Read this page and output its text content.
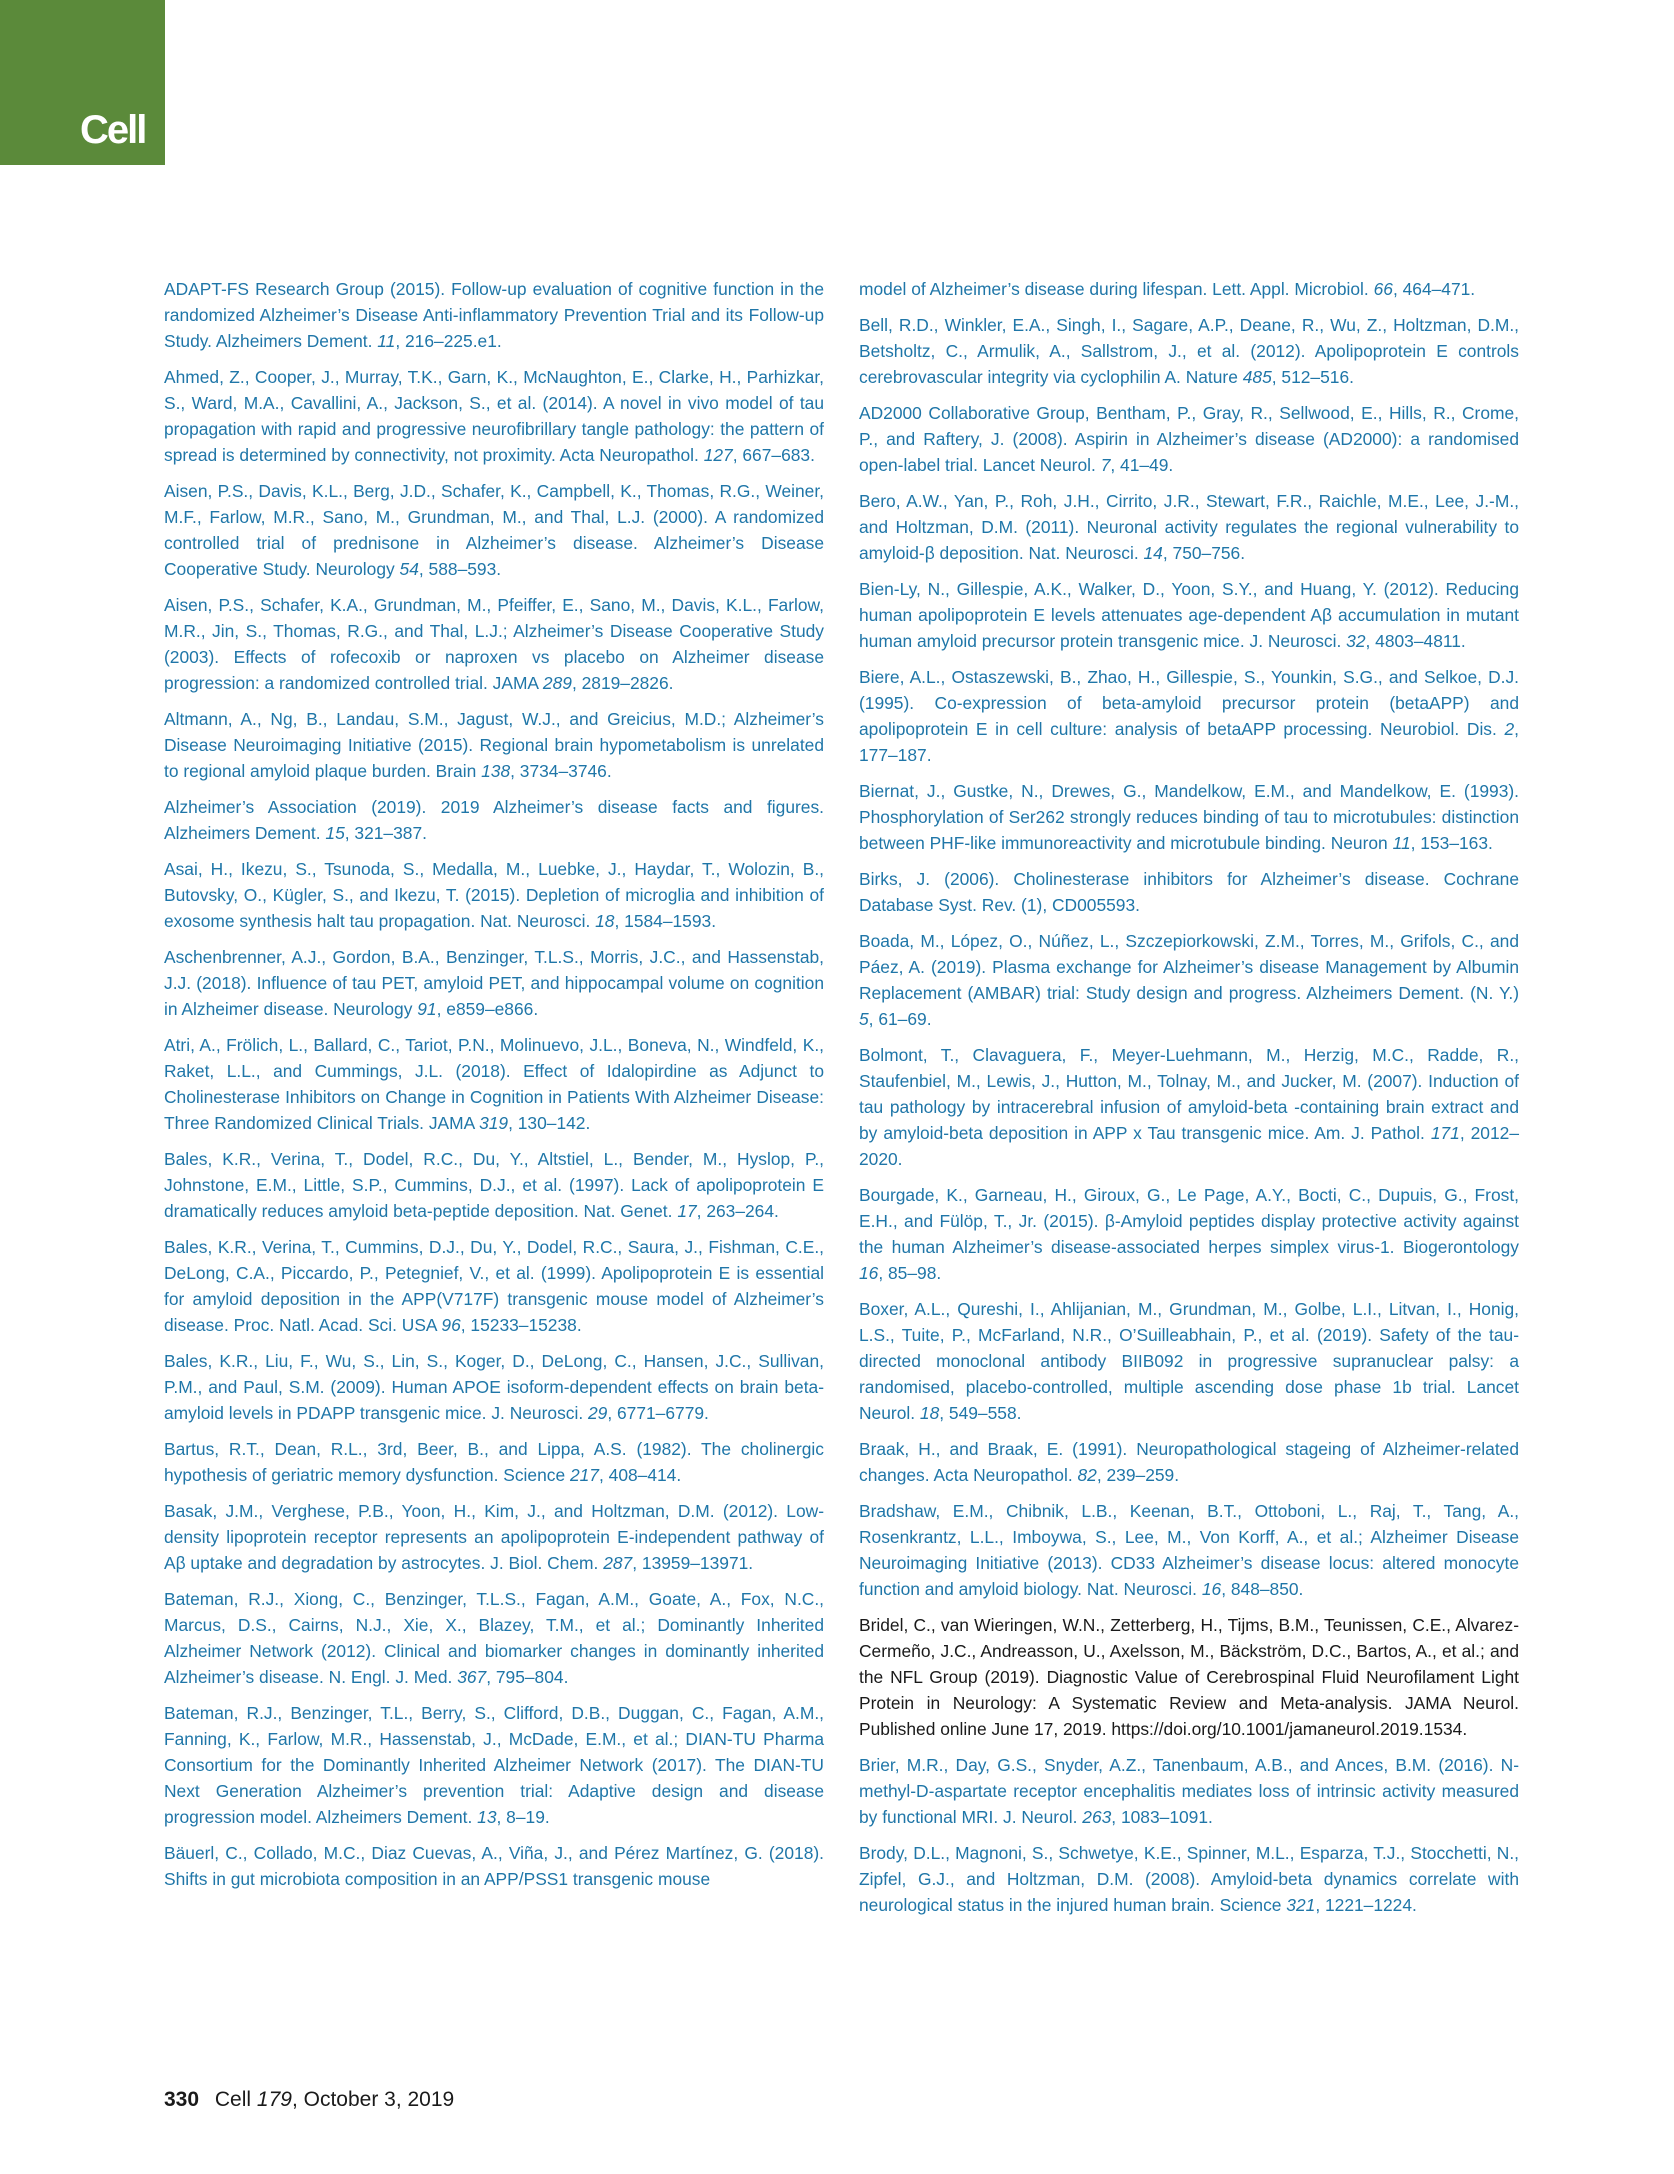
Cell

ADAPT-FS Research Group (2015). Follow-up evaluation of cognitive function in the randomized Alzheimer’s Disease Anti-inflammatory Prevention Trial and its Follow-up Study. Alzheimers Dement. 11, 216–225.e1.

Ahmed, Z., Cooper, J., Murray, T.K., Garn, K., McNaughton, E., Clarke, H., Parhizkar, S., Ward, M.A., Cavallini, A., Jackson, S., et al. (2014). A novel in vivo model of tau propagation with rapid and progressive neurofibrillary tangle pathology: the pattern of spread is determined by connectivity, not proximity. Acta Neuropathol. 127, 667–683.

Aisen, P.S., Davis, K.L., Berg, J.D., Schafer, K., Campbell, K., Thomas, R.G., Weiner, M.F., Farlow, M.R., Sano, M., Grundman, M., and Thal, L.J. (2000). A randomized controlled trial of prednisone in Alzheimer’s disease. Alzheimer’s Disease Cooperative Study. Neurology 54, 588–593.

Aisen, P.S., Schafer, K.A., Grundman, M., Pfeiffer, E., Sano, M., Davis, K.L., Farlow, M.R., Jin, S., Thomas, R.G., and Thal, L.J.; Alzheimer’s Disease Cooperative Study (2003). Effects of rofecoxib or naproxen vs placebo on Alzheimer disease progression: a randomized controlled trial. JAMA 289, 2819–2826.

Altmann, A., Ng, B., Landau, S.M., Jagust, W.J., and Greicius, M.D.; Alzheimer’s Disease Neuroimaging Initiative (2015). Regional brain hypometabolism is unrelated to regional amyloid plaque burden. Brain 138, 3734–3746.

Alzheimer’s Association (2019). 2019 Alzheimer’s disease facts and figures. Alzheimers Dement. 15, 321–387.

Asai, H., Ikezu, S., Tsunoda, S., Medalla, M., Luebke, J., Haydar, T., Wolozin, B., Butovsky, O., Kügler, S., and Ikezu, T. (2015). Depletion of microglia and inhibition of exosome synthesis halt tau propagation. Nat. Neurosci. 18, 1584–1593.

Aschenbrenner, A.J., Gordon, B.A., Benzinger, T.L.S., Morris, J.C., and Hassenstab, J.J. (2018). Influence of tau PET, amyloid PET, and hippocampal volume on cognition in Alzheimer disease. Neurology 91, e859–e866.

Atri, A., Frölich, L., Ballard, C., Tariot, P.N., Molinuevo, J.L., Boneva, N., Windfeld, K., Raket, L.L., and Cummings, J.L. (2018). Effect of Idalopirdine as Adjunct to Cholinesterase Inhibitors on Change in Cognition in Patients With Alzheimer Disease: Three Randomized Clinical Trials. JAMA 319, 130–142.

Bales, K.R., Verina, T., Dodel, R.C., Du, Y., Altstiel, L., Bender, M., Hyslop, P., Johnstone, E.M., Little, S.P., Cummins, D.J., et al. (1997). Lack of apolipoprotein E dramatically reduces amyloid beta-peptide deposition. Nat. Genet. 17, 263–264.

Bales, K.R., Verina, T., Cummins, D.J., Du, Y., Dodel, R.C., Saura, J., Fishman, C.E., DeLong, C.A., Piccardo, P., Petegnief, V., et al. (1999). Apolipoprotein E is essential for amyloid deposition in the APP(V717F) transgenic mouse model of Alzheimer’s disease. Proc. Natl. Acad. Sci. USA 96, 15233–15238.

Bales, K.R., Liu, F., Wu, S., Lin, S., Koger, D., DeLong, C., Hansen, J.C., Sullivan, P.M., and Paul, S.M. (2009). Human APOE isoform-dependent effects on brain beta-amyloid levels in PDAPP transgenic mice. J. Neurosci. 29, 6771–6779.

Bartus, R.T., Dean, R.L., 3rd, Beer, B., and Lippa, A.S. (1982). The cholinergic hypothesis of geriatric memory dysfunction. Science 217, 408–414.

Basak, J.M., Verghese, P.B., Yoon, H., Kim, J., and Holtzman, D.M. (2012). Low-density lipoprotein receptor represents an apolipoprotein E-independent pathway of Aβ uptake and degradation by astrocytes. J. Biol. Chem. 287, 13959–13971.

Bateman, R.J., Xiong, C., Benzinger, T.L.S., Fagan, A.M., Goate, A., Fox, N.C., Marcus, D.S., Cairns, N.J., Xie, X., Blazey, T.M., et al.; Dominantly Inherited Alzheimer Network (2012). Clinical and biomarker changes in dominantly inherited Alzheimer’s disease. N. Engl. J. Med. 367, 795–804.

Bateman, R.J., Benzinger, T.L., Berry, S., Clifford, D.B., Duggan, C., Fagan, A.M., Fanning, K., Farlow, M.R., Hassenstab, J., McDade, E.M., et al.; DIAN-TU Pharma Consortium for the Dominantly Inherited Alzheimer Network (2017). The DIAN-TU Next Generation Alzheimer’s prevention trial: Adaptive design and disease progression model. Alzheimers Dement. 13, 8–19.

Bäuerl, C., Collado, M.C., Diaz Cuevas, A., Viña, J., and Pérez Martínez, G. (2018). Shifts in gut microbiota composition in an APP/PSS1 transgenic mouse

model of Alzheimer’s disease during lifespan. Lett. Appl. Microbiol. 66, 464–471.

Bell, R.D., Winkler, E.A., Singh, I., Sagare, A.P., Deane, R., Wu, Z., Holtzman, D.M., Betsholtz, C., Armulik, A., Sallstrom, J., et al. (2012). Apolipoprotein E controls cerebrovascular integrity via cyclophilin A. Nature 485, 512–516.

AD2000 Collaborative Group, Bentham, P., Gray, R., Sellwood, E., Hills, R., Crome, P., and Raftery, J. (2008). Aspirin in Alzheimer’s disease (AD2000): a randomised open-label trial. Lancet Neurol. 7, 41–49.

Bero, A.W., Yan, P., Roh, J.H., Cirrito, J.R., Stewart, F.R., Raichle, M.E., Lee, J.-M., and Holtzman, D.M. (2011). Neuronal activity regulates the regional vulnerability to amyloid-β deposition. Nat. Neurosci. 14, 750–756.

Bien-Ly, N., Gillespie, A.K., Walker, D., Yoon, S.Y., and Huang, Y. (2012). Reducing human apolipoprotein E levels attenuates age-dependent Aβ accumulation in mutant human amyloid precursor protein transgenic mice. J. Neurosci. 32, 4803–4811.

Biere, A.L., Ostaszewski, B., Zhao, H., Gillespie, S., Younkin, S.G., and Selkoe, D.J. (1995). Co-expression of beta-amyloid precursor protein (betaAPP) and apolipoprotein E in cell culture: analysis of betaAPP processing. Neurobiol. Dis. 2, 177–187.

Biernat, J., Gustke, N., Drewes, G., Mandelkow, E.M., and Mandelkow, E. (1993). Phosphorylation of Ser262 strongly reduces binding of tau to microtubules: distinction between PHF-like immunoreactivity and microtubule binding. Neuron 11, 153–163.

Birks, J. (2006). Cholinesterase inhibitors for Alzheimer’s disease. Cochrane Database Syst. Rev. (1), CD005593.

Boada, M., López, O., Núñez, L., Szczepiorkowski, Z.M., Torres, M., Grifols, C., and Páez, A. (2019). Plasma exchange for Alzheimer’s disease Management by Albumin Replacement (AMBAR) trial: Study design and progress. Alzheimers Dement. (N. Y.) 5, 61–69.

Bolmont, T., Clavaguera, F., Meyer-Luehmann, M., Herzig, M.C., Radde, R., Staufenbiel, M., Lewis, J., Hutton, M., Tolnay, M., and Jucker, M. (2007). Induction of tau pathology by intracerebral infusion of amyloid-beta -containing brain extract and by amyloid-beta deposition in APP x Tau transgenic mice. Am. J. Pathol. 171, 2012–2020.

Bourgade, K., Garneau, H., Giroux, G., Le Page, A.Y., Bocti, C., Dupuis, G., Frost, E.H., and Fülöp, T., Jr. (2015). β-Amyloid peptides display protective activity against the human Alzheimer’s disease-associated herpes simplex virus-1. Biogerontology 16, 85–98.

Boxer, A.L., Qureshi, I., Ahlijanian, M., Grundman, M., Golbe, L.I., Litvan, I., Honig, L.S., Tuite, P., McFarland, N.R., O’Suilleabhain, P., et al. (2019). Safety of the tau-directed monoclonal antibody BIIB092 in progressive supranuclear palsy: a randomised, placebo-controlled, multiple ascending dose phase 1b trial. Lancet Neurol. 18, 549–558.

Braak, H., and Braak, E. (1991). Neuropathological stageing of Alzheimer-related changes. Acta Neuropathol. 82, 239–259.

Bradshaw, E.M., Chibnik, L.B., Keenan, B.T., Ottoboni, L., Raj, T., Tang, A., Rosenkrantz, L.L., Imboywa, S., Lee, M., Von Korff, A., et al.; Alzheimer Disease Neuroimaging Initiative (2013). CD33 Alzheimer’s disease locus: altered monocyte function and amyloid biology. Nat. Neurosci. 16, 848–850.

Bridel, C., van Wieringen, W.N., Zetterberg, H., Tijms, B.M., Teunissen, C.E., Alvarez-Cermeño, J.C., Andreasson, U., Axelsson, M., Bäckström, D.C., Bartos, A., et al.; and the NFL Group (2019). Diagnostic Value of Cerebrospinal Fluid Neurofilament Light Protein in Neurology: A Systematic Review and Meta-analysis. JAMA Neurol. Published online June 17, 2019. https://doi.org/10.1001/jamaneurol.2019.1534.

Brier, M.R., Day, G.S., Snyder, A.Z., Tanenbaum, A.B., and Ances, B.M. (2016). N-methyl-D-aspartate receptor encephalitis mediates loss of intrinsic activity measured by functional MRI. J. Neurol. 263, 1083–1091.

Brody, D.L., Magnoni, S., Schwetye, K.E., Spinner, M.L., Esparza, T.J., Stocchetti, N., Zipfel, G.J., and Holtzman, D.M. (2008). Amyloid-beta dynamics correlate with neurological status in the injured human brain. Science 321, 1221–1224.

330 Cell 179, October 3, 2019
